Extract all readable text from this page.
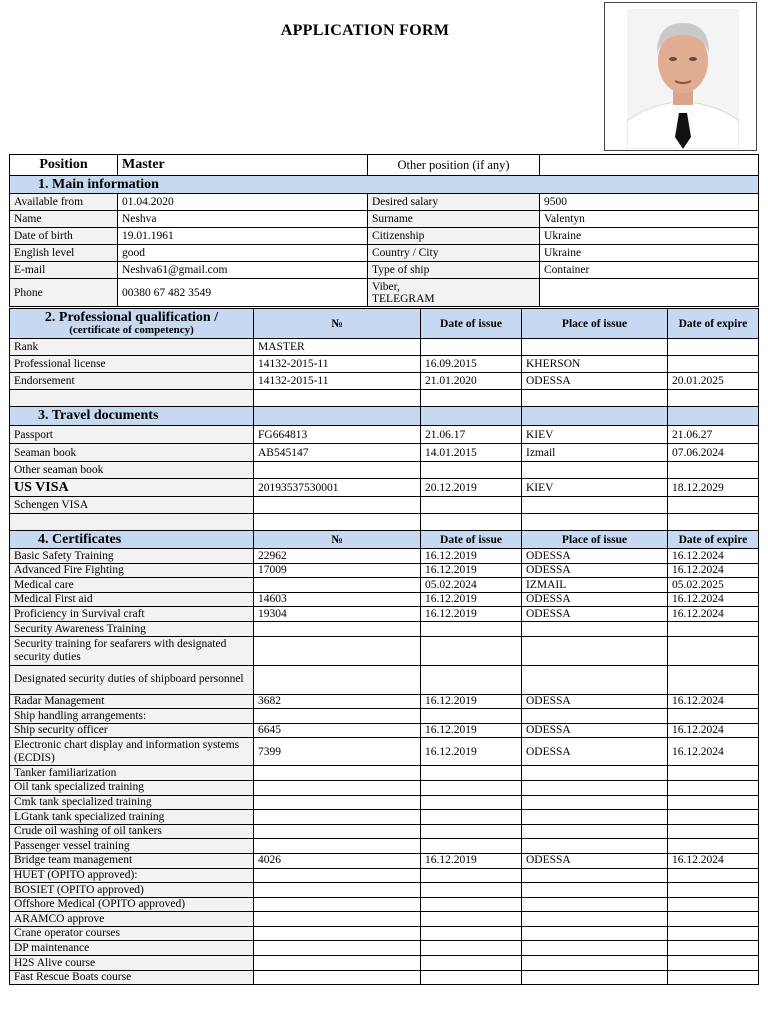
APPLICATION FORM
Position	Master	Other position (if any)	
1. Main information			
Available from	01.04.2020	Desired salary	9500
Name	Neshva	Surname	Valentyn
Date of birth	19.01.1961	Citizenship	Ukraine
English level	good	Country / City	Ukraine
E-mail	Neshva61@gmail.com	Type of ship	Container
Phone	00380 67 482 3549	Viber, TELEGRAM	
2. Professional qualification /
(certificate of competency)	№	Date of issue	Place of issue	Date of expire
Rank	MASTER			
Professional license	14132-2015-11	16.09.2015	KHERSON	
Endorsement	14132-2015-11	21.01.2020	ODESSA	20.01.2025

3. Travel documents				
Passport	FG664813	21.06.17	KIEV	21.06.27
Seaman book	AB545147	14.01.2015	Izmail	07.06.2024
Other seaman book				
US VISA	20193537530001	20.12.2019	KIEV	18.12.2029
Schengen VISA				

4. Certificates	№	Date of issue	Place of issue	Date of expire
Basic Safety Training	22962	16.12.2019	ODESSA	16.12.2024
Advanced Fire Fighting	17009	16.12.2019	ODESSA	16.12.2024
Medical care		05.02.2024	IZMAIL	05.02.2025
Medical First aid	14603	16.12.2019	ODESSA	16.12.2024
Proficiency in Survival craft	19304	16.12.2019	ODESSA	16.12.2024
Security Awareness Training				
Security training for seafarers with designated security duties				
Designated security duties of shipboard personnel				
Radar Management	3682	16.12.2019	ODESSA	16.12.2024
Ship handling arrangements:				
Ship security officer	6645	16.12.2019	ODESSA	16.12.2024
Electronic chart display and information systems (ECDIS)	7399	16.12.2019	ODESSA	16.12.2024
Tanker familiarization				
Oil tank specialized training				
Cmk tank specialized training				
LGtank tank specialized training				
Crude oil washing of oil tankers				
Passenger vessel training				
Bridge team management	4026	16.12.2019	ODESSA	16.12.2024
HUET (OPITO approved):				
BOSIET (OPITO approved)				
Offshore Medical (OPITO approved)				
ARAMCO approve				
Crane operator courses				
DP maintenance				
H2S Alive course				
Fast Rescue Boats course				
